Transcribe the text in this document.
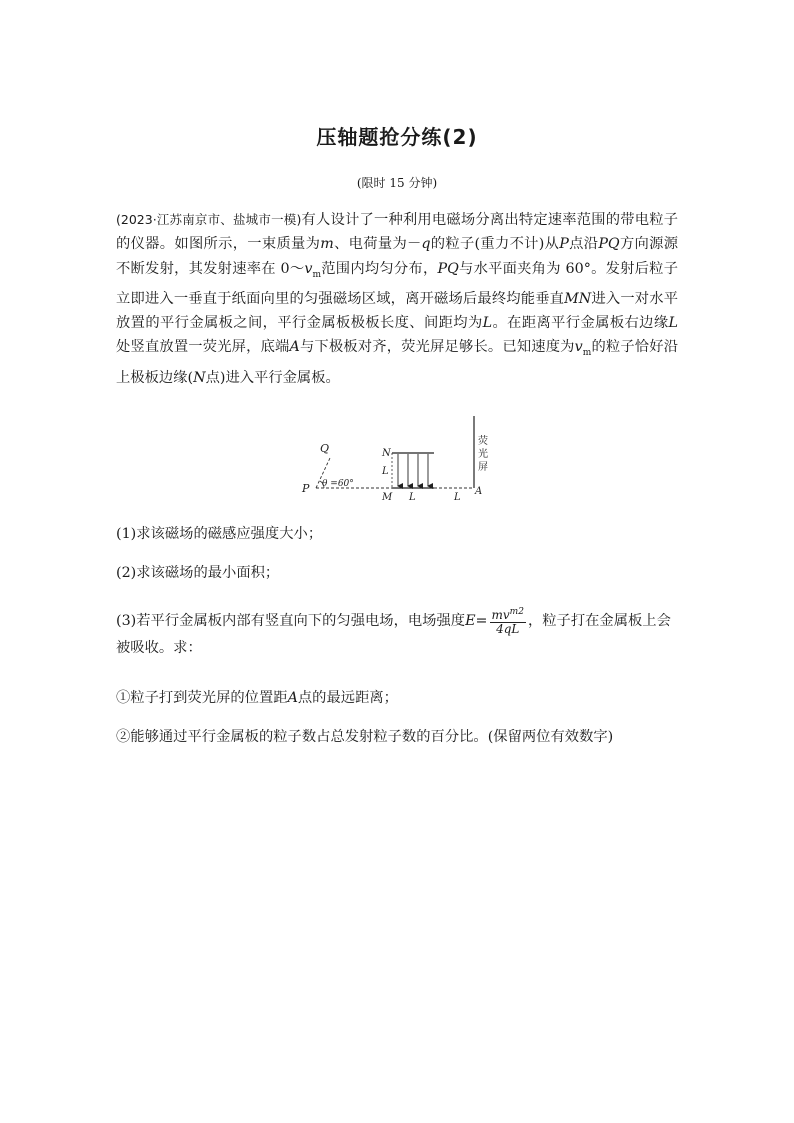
压轴题抢分练(2)
(限时 15 分钟)
(2023·江苏南京市、盐城市一模)有人设计了一种利用电磁场分离出特定速率范围的带电粒子的仪器。如图所示，一束质量为m、电荷量为－q的粒子(重力不计)从P点沿PQ方向源源不断发射，其发射速率在 $0\sim v_m$范围内均匀分布，PQ与水平面夹角为 60°。发射后粒子立即进入一垂直于纸面向里的匀强磁场区域，离开磁场后最终均能垂直MN进入一对水平放置的平行金属板之间，平行金属板极板长度、间距均为L。在距离平行金属板右边缘L处竖直放置一荧光屏，底端A与下极板对齐，荧光屏足够长。已知速度为$v_m$的粒子恰好沿上极板边缘(N点)进入平行金属板。
Q
P θ =60°
N
L
M L	L
A
荧
光
屏
(1)求该磁场的磁感应强度大小；
(2)求该磁场的最小面积；
(3)若平行金属板内部有竖直向下的匀强电场，电场强度$E= \frac{mv^{m2}}{4qL}$ ，粒子打在金属板上会被吸收。求：
①粒子打到荧光屏的位置距A点的最远距离；
②能够通过平行金属板的粒子数占总发射粒子数的百分比。(保留两位有效数字)
